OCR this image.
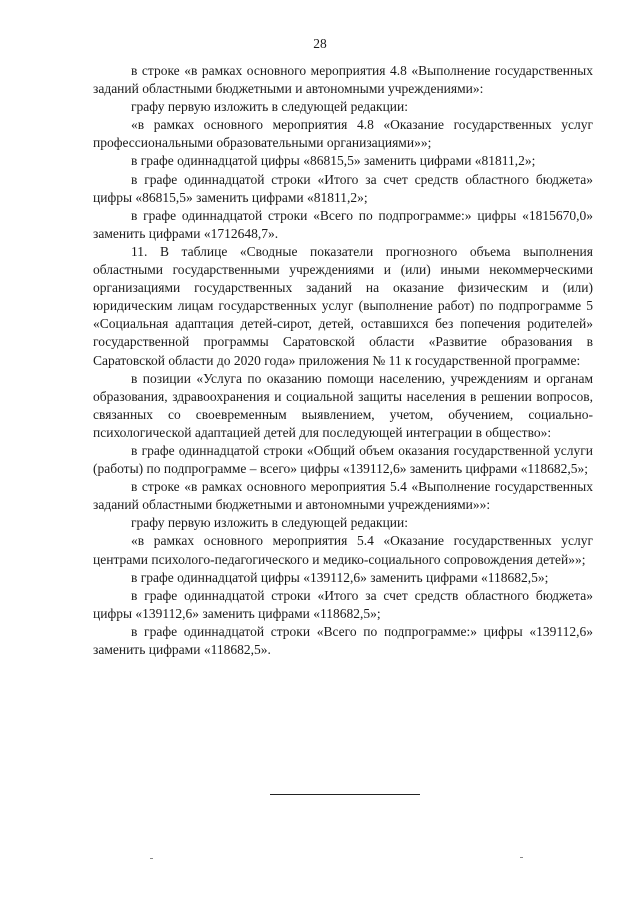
28

в строке «в рамках основного мероприятия 4.8 «Выполнение государственных заданий областными бюджетными и автономными учреждениями»:

графу первую изложить в следующей редакции:

«в рамках основного мероприятия 4.8 «Оказание государственных услуг профессиональными образовательными организациями»»;

в графе одиннадцатой цифры «86815,5» заменить цифрами «81811,2»;

в графе одиннадцатой строки «Итого за счет средств областного бюджета» цифры «86815,5» заменить цифрами «81811,2»;

в графе одиннадцатой строки «Всего по подпрограмме:» цифры «1815670,0» заменить цифрами «1712648,7».

11. В таблице «Сводные показатели прогнозного объема выполнения областными государственными учреждениями и (или) иными некоммерческими организациями государственных заданий на оказание физическим и (или) юридическим лицам государственных услуг (выполнение работ) по подпрограмме 5 «Социальная адаптация детей-сирот, детей, оставшихся без попечения родителей» государственной программы Саратовской области «Развитие образования в Саратовской области до 2020 года» приложения № 11 к государственной программе:

в позиции «Услуга по оказанию помощи населению, учреждениям и органам образования, здравоохранения и социальной защиты населения в решении вопросов, связанных со своевременным выявлением, учетом, обучением, социально-психологической адаптацией детей для последующей интеграции в общество»:

в графе одиннадцатой строки «Общий объем оказания государственной услуги (работы) по подпрограмме – всего» цифры «139112,6» заменить цифрами «118682,5»;

в строке «в рамках основного мероприятия 5.4 «Выполнение государственных заданий областными бюджетными и автономными учреждениями»»:

графу первую изложить в следующей редакции:

«в рамках основного мероприятия 5.4 «Оказание государственных услуг центрами психолого-педагогического и медико-социального сопровождения детей»»;

в графе одиннадцатой цифры «139112,6» заменить цифрами «118682,5»;

в графе одиннадцатой строки «Итого за счет средств областного бюджета» цифры «139112,6» заменить цифрами «118682,5»;

в графе одиннадцатой строки «Всего по подпрограмме:» цифры «139112,6» заменить цифрами «118682,5».
